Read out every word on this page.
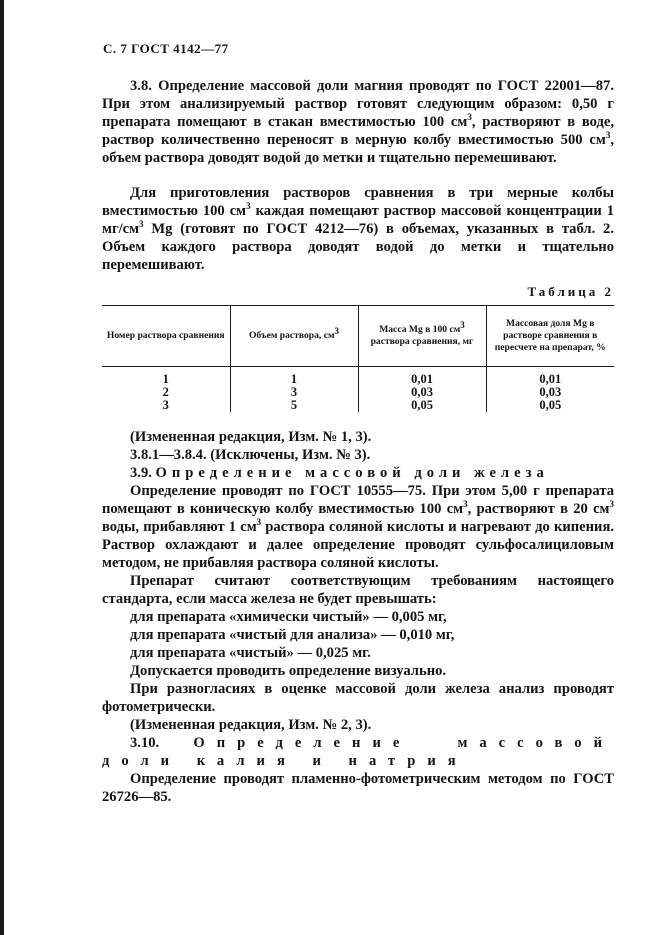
С. 7 ГОСТ 4142—77

3.8. Определение массовой доли магния проводят по ГОСТ 22001—87. При этом анализируемый раствор готовят следующим образом: 0,50 г препарата помещают в стакан вместимостью 100 $см^3$, растворяют в воде, раствор количественно переносят в мерную колбу вместимостью 500 $см^3$, объем раствора доводят водой до метки и тщательно перемешивают.

Для приготовления растворов сравнения в три мерные колбы вместимостью 100 $см^3$ каждая помещают раствор массовой концентрации 1 $мг/см^3$ Mg (готовят по ГОСТ 4212—76) в объемах, указанных в табл. 2. Объем каждого раствора доводят водой до метки и тщательно перемешивают.

Таблица 2

Номер раствора сравнения	Объем раствора, $см^3$	Масса Mg в 100 $см^3$ раствора сравнения, мг	Массовая доля Mg в растворе сравнения в пересчете на препарат, %
1	1	0,01	0,01
2	3	0,03	0,03
3	5	0,05	0,05

(Измененная редакция, Изм. № 1, 3).

3.8.1—3.8.4. (Исключены, Изм. № 3).

3.9. Определение массовой доли железа

Определение проводят по ГОСТ 10555—75. При этом 5,00 г препарата помещают в коническую колбу вместимостью 100 $см^3$, растворяют в 20 $см^3$ воды, прибавляют 1 $см^3$ раствора соляной кислоты и нагревают до кипения. Раствор охлаждают и далее определение проводят сульфосалициловым методом, не прибавляя раствора соляной кислоты.

Препарат считают соответствующим требованиям настоящего стандарта, если масса железа не будет превышать:

для препарата «химически чистый» — 0,005 мг,

для препарата «чистый для анализа» — 0,010 мг,

для препарата «чистый» — 0,025 мг.

Допускается проводить определение визуально.

При разногласиях в оценке массовой доли железа анализ проводят фотометрически.

(Измененная редакция, Изм. № 2, 3).

3.10. Определение массовой доли калия и натрия

Определение проводят пламенно-фотометрическим методом по ГОСТ 26726—85.
